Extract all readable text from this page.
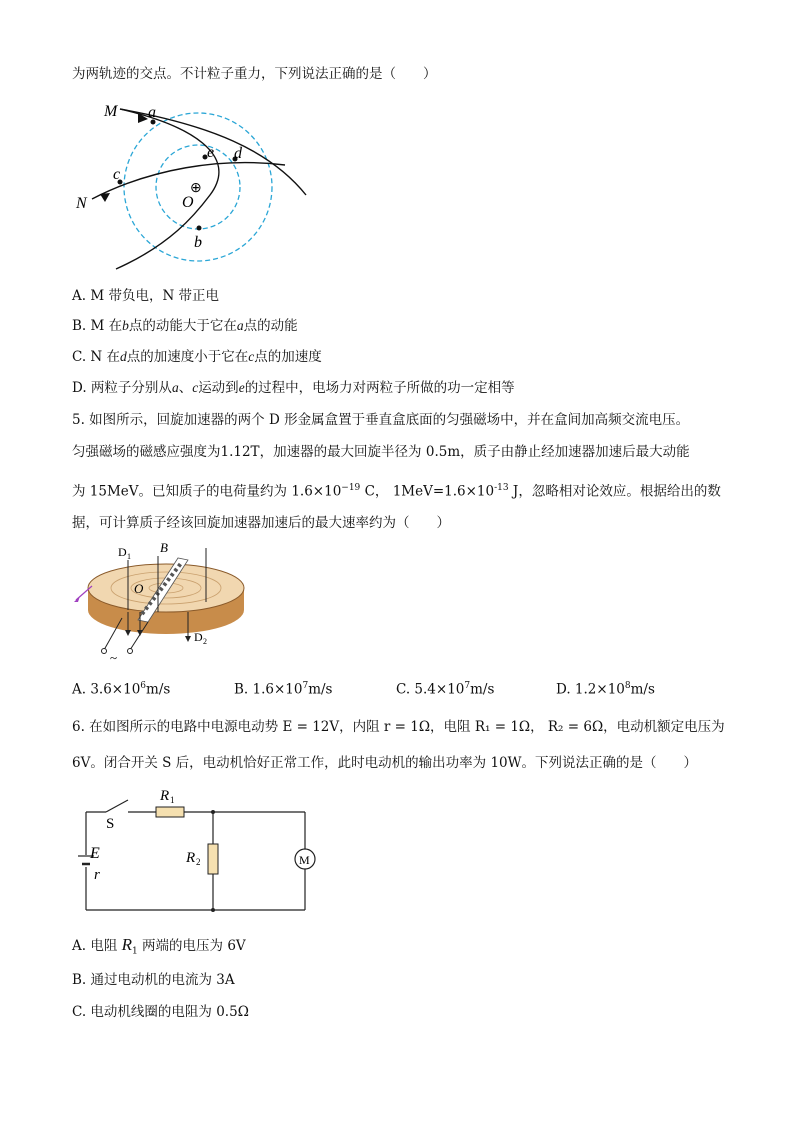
为两轨迹的交点。不计粒子重力，下列说法正确的是（　　）
M a
e d
c
N
⊕
O
b
A. M 带负电，N 带正电
B. M 在b点的动能大于它在a点的动能
C. N 在d点的加速度小于它在c点的加速度
D. 两粒子分别从a、c运动到e的过程中，电场力对两粒子所做的功一定相等
5. 如图所示，回旋加速器的两个 D 形金属盒置于垂直盒底面的匀强磁场中，并在盒间加高频交流电压。
匀强磁场的磁感应强度为1.12T，加速器的最大回旋半径为 0.5m，质子由静止经加速器加速后最大动能
为 15MeV。已知质子的电荷量约为 $1.6\times 10^{-19}$ C， $1MeV=1.6\times 10^{-13}$ J，忽略相对论效应。根据给出的数
据，可计算质子经该回旋加速器加速后的最大速率约为（　　）
D 1
B
O
D 2
~
A. $3.6\times 10^6m/s$	B. $1.6\times 10^7m/s$	C. $5.4\times 10^7m/s$	D. $1.2\times 10^8m/s$
6. 在如图所示的电路中电源电动势 E = 12V，内阻 r = 1Ω，电阻 R₁ = 1Ω， R₂ = 6Ω，电动机额定电压为
6V。闭合开关 S 后，电动机恰好正常工作，此时电动机的输出功率为 10W。下列说法正确的是（　　）
M
S
R 1
R 2
E
r
A. 电阻 $R_1$ 两端的电压为 6V
B. 通过电动机的电流为 3A
C. 电动机线圈的电阻为 0.5Ω
